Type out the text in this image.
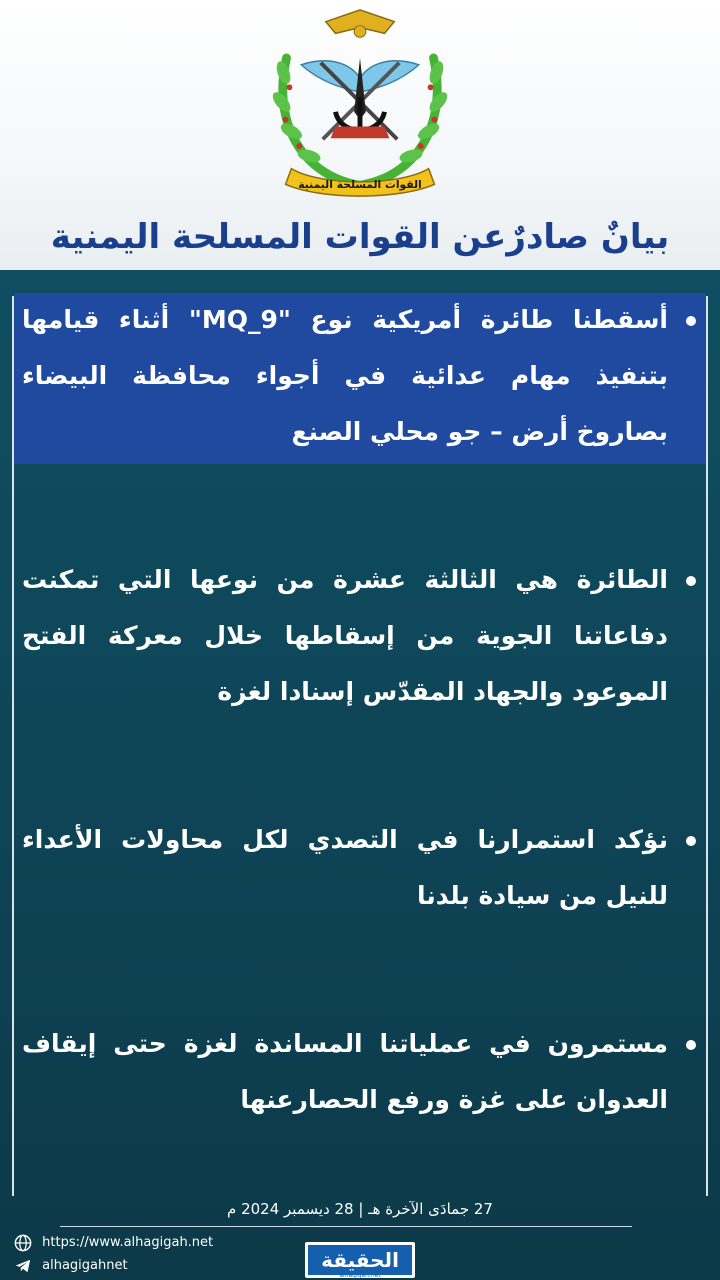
القوات المسلحة اليمنية
بيانٌ صادرٌعن القوات المسلحة اليمنية
أسقطنا طائرة أمريكية نوع "MQ_9" أثناء قيامها بتنفيذ مهام عدائية في أجواء محافظة البيضاء بصاروخ أرض – جو محلي الصنع
الطائرة هي الثالثة عشرة من نوعها التي تمكنت دفاعاتنا الجوية من إسقاطها خلال معركة الفتح الموعود والجهاد المقدّس إسنادا لغزة
نؤكد استمرارنا في التصدي لكل محاولات الأعداء للنيل من سيادة بلدنا
مستمرون في عملياتنا المساندة لغزة حتى إيقاف العدوان على غزة ورفع الحصارعنها
27 جمادَى الآخرة هـ | 28 ديسمبر 2024 م
https://www.alhagigah.net
alhagigahnet	الحقيقة
alhagigah.net
